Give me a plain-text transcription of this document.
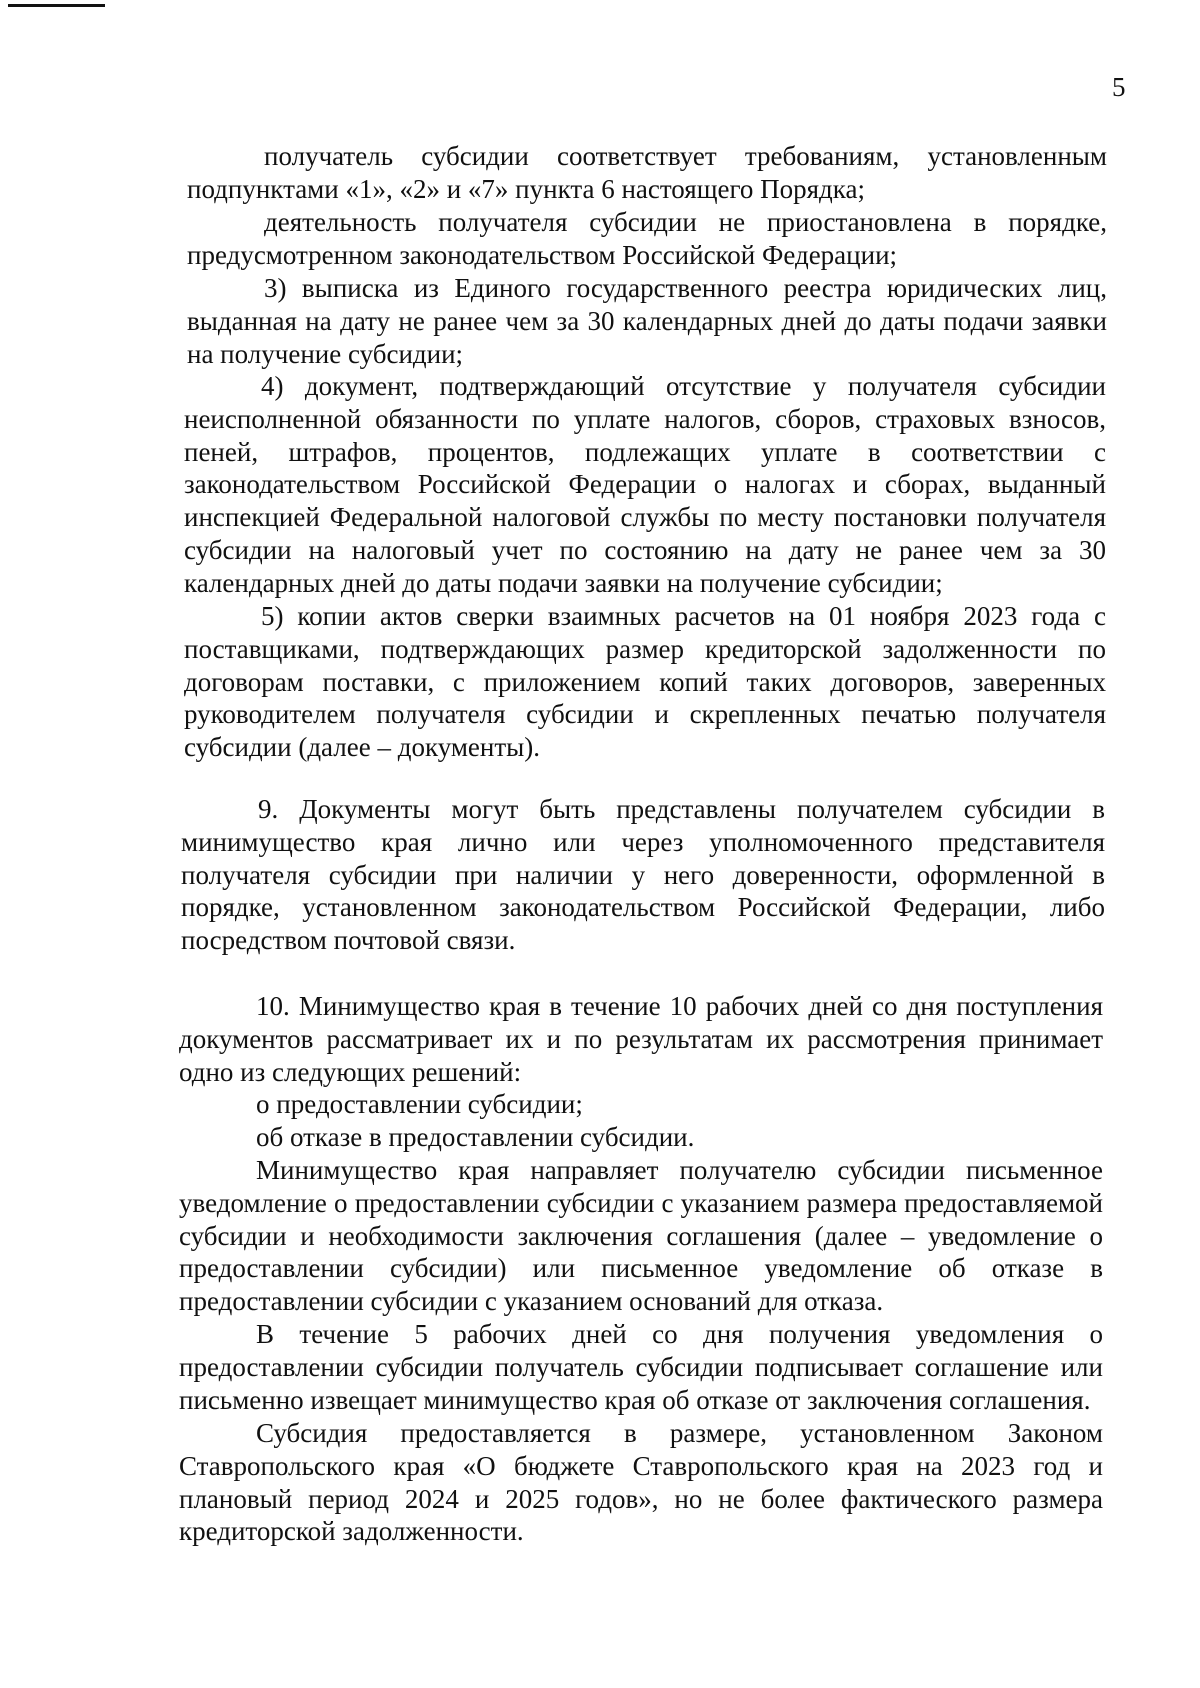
5

получатель субсидии соответствует требованиям, установленным подпунктами «1», «2» и «7» пункта 6 настоящего Порядка;

деятельность получателя субсидии не приостановлена в порядке, предусмотренном законодательством Российской Федерации;

3) выписка из Единого государственного реестра юридических лиц, выданная на дату не ранее чем за 30 календарных дней до даты подачи заявки на получение субсидии;

4) документ, подтверждающий отсутствие у получателя субсидии неисполненной обязанности по уплате налогов, сборов, страховых взносов, пеней, штрафов, процентов, подлежащих уплате в соответствии с законодательством Российской Федерации о налогах и сборах, выданный инспекцией Федеральной налоговой службы по месту постановки получателя субсидии на налоговый учет по состоянию на дату не ранее чем за 30 календарных дней до даты подачи заявки на получение субсидии;

5) копии актов сверки взаимных расчетов на 01 ноября 2023 года с поставщиками, подтверждающих размер кредиторской задолженности по договорам поставки, с приложением копий таких договоров, заверенных руководителем получателя субсидии и скрепленных печатью получателя субсидии (далее – документы).

9. Документы могут быть представлены получателем субсидии в минимущество края лично или через уполномоченного представителя получателя субсидии при наличии у него доверенности, оформленной в порядке, установленном законодательством Российской Федерации, либо посредством почтовой связи.

10. Минимущество края в течение 10 рабочих дней со дня поступления документов рассматривает их и по результатам их рассмотрения принимает одно из следующих решений:

о предоставлении субсидии;

об отказе в предоставлении субсидии.

Минимущество края направляет получателю субсидии письменное уведомление о предоставлении субсидии с указанием размера предоставляемой субсидии и необходимости заключения соглашения (далее – уведомление о предоставлении субсидии) или письменное уведомление об отказе в предоставлении субсидии с указанием оснований для отказа.

В течение 5 рабочих дней со дня получения уведомления о предоставлении субсидии получатель субсидии подписывает соглашение или письменно извещает минимущество края об отказе от заключения соглашения.

Субсидия предоставляется в размере, установленном Законом Ставропольского края «О бюджете Ставропольского края на 2023 год и плановый период 2024 и 2025 годов», но не более фактического размера кредиторской задолженности.
